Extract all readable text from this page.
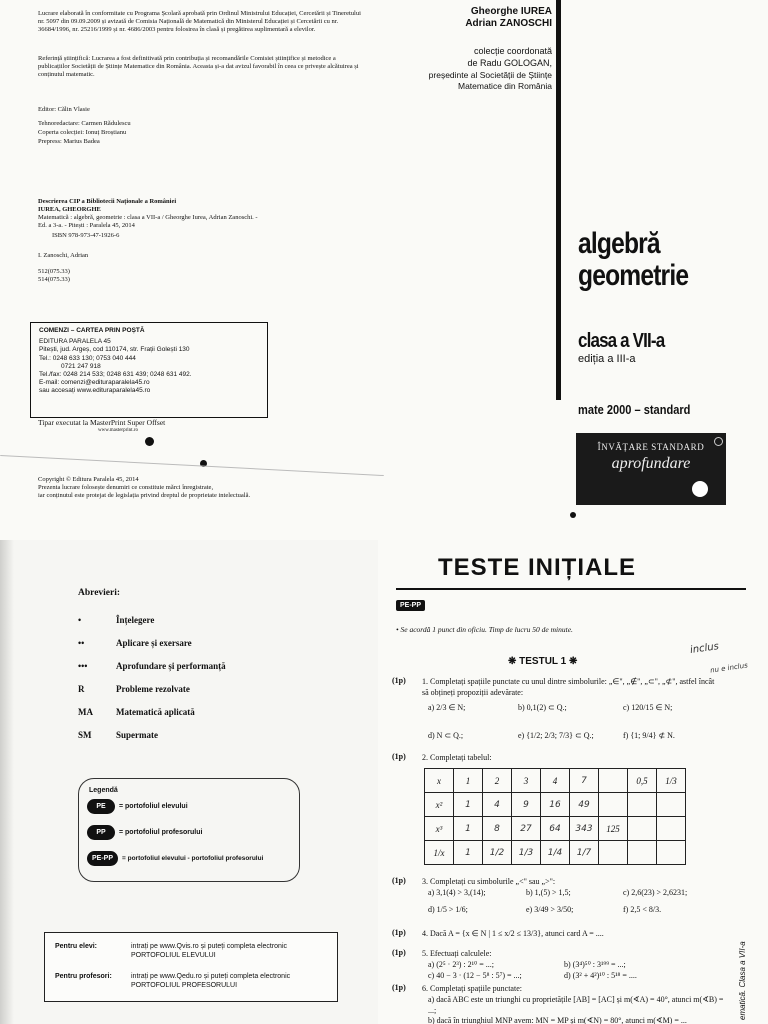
Lucrare elaborată în conformitate cu Programa Școlară aprobată prin Ordinul Ministrului Educației, Cercetării și Tineretului nr. 5097 din 09.09.2009 și avizată de Comisia Națională de Matematică din Ministerul Educației și Cercetării cu nr. 36684/1996, nr. 25216/1999 și nr. 4686/2003 pentru folosirea în clasă și pregătirea suplimentară a elevilor.
Referință științifică: Lucrarea a fost definitivată prin contribuția și recomandările Comisiei științifice și metodice a publicațiilor Societății de Științe Matematice din România. Aceasta și-a dat avizul favorabil în ceea ce privește alcătuirea și conținutul matematic.
Editor: Călin Vlasie
Tehnoredactare: Carmen Rădulescu
Coperta colecției: Ionuț Broștianu
Prepress: Marius Badea
Descrierea CIP a Bibliotecii Naționale a României
IUREA, GHEORGHE
Matematică : algebră, geometrie : clasa a VII-a / Gheorghe Iurea, Adrian Zanoschi. - Ed. a 3-a. - Pitești : Paralela 45, 2014
ISBN 978-973-47-1926-6
I. Zanoschi, Adrian
512(075.33)
514(075.33)
COMENZI – CARTEA PRIN POȘTĂ
EDITURA PARALELA 45
Pitești, jud. Argeș, cod 110174, str. Frații Golești 130
Tel.: 0248 633 130; 0753 040 444
0721 247 918
Tel./fax: 0248 214 533; 0248 631 439; 0248 631 492.
E-mail: comenzi@edituraparalela45.ro
sau accesați www.edituraparalela45.ro
Tipar executat la MasterPrint Super Offset
www.masterprint.ro
Copyright © Editura Paralela 45, 2014
Prezenta lucrare folosește denumiri ce constituie mărci înregistrate,
iar conținutul este protejat de legislația privind dreptul de proprietate intelectuală.
Gheorghe IUREA
Adrian ZANOSCHI
colecție coordonată
de Radu GOLOGAN,
președinte al Societății de Științe
Matematice din România
algebră
geometrie
clasa a VII-a
ediția a III-a
mate 2000 – standard
ÎNVĂȚARE STANDARD
aprofundare
Abrevieri:
•	Înțelegere
••	Aplicare și exersare
•••	Aprofundare și performanță
R	Probleme rezolvate
MA	Matematică aplicată
SM	Supermate
Legendă
PE	= portofoliul elevului
PP	= portofoliul profesorului
PE-PP	= portofoliul elevului - portofoliul profesorului
Pentru elevi:	intrați pe www.Qvis.ro și puteți completa electronic
PORTOFOLIUL ELEVULUI
Pentru profesori:	intrați pe www.Qedu.ro și puteți completa electronic
PORTOFOLIUL PROFESORULUI
TESTE INIȚIALE
PE-PP
• Se acordă 1 punct din oficiu. Timp de lucru 50 de minute.
❋ TESTUL 1 ❋
inclus
nu e inclus
(1p) 1. Completați spațiile punctate cu unul dintre simbolurile: „∈", „∉", „⊂", „⊄", astfel încât să obțineți propoziții adevărate:
a) 2/3 ∈ N;	b) 0,1(2) ⊂ Q.;	c) 120/15 ∈ N;
d) N ⊂ Q.;	e) {1/2; 2/3; 7/3} ⊂ Q.;	f) {1; 9/4} ⊄ N.
(1p) 2. Completați tabelul:
x	1	2	3	4	7		0,5	1/3
x²	1	4	9	16	49			
x³	1	8	27	64	343	125		
1/x	1	1/2	1/3	1/4	1/7			
(1p) 3. Completați cu simbolurile „<" sau „>":
a) 3,1(4) > 3,(14);	b) 1,(5) > 1,5;	c) 2,6(23) > 2,6231;
d) 1/5 > 1/6;	e) 3/49 > 3/50;	f) 2,5 < 8/3.
(1p) 4. Dacă A = {x ∈ N | 1 ≤ x/2 ≤ 13/3}, atunci card A = ....
(1p) 5. Efectuați calculele:
a) (2⁵ · 2³) : 2¹⁰ = ...;	b) (3⁴)⁵⁰ : 3¹⁹⁹ = ...;
c) 40 − 3 · (12 − 5⁸ : 5⁷) = ...;	d) (3² + 4²)¹⁰ : 5¹⁸ = ....
(1p) 6. Completați spațiile punctate:
a) dacă ABC este un triunghi cu proprietățile [AB] = [AC] și m(∢A) = 40°, atunci m(∢B) = ...;
b) dacă în triunghiul MNP avem: MN = MP și m(∢N) = 80°, atunci m(∢M) = ...
ematică. Clasa a VII-a
